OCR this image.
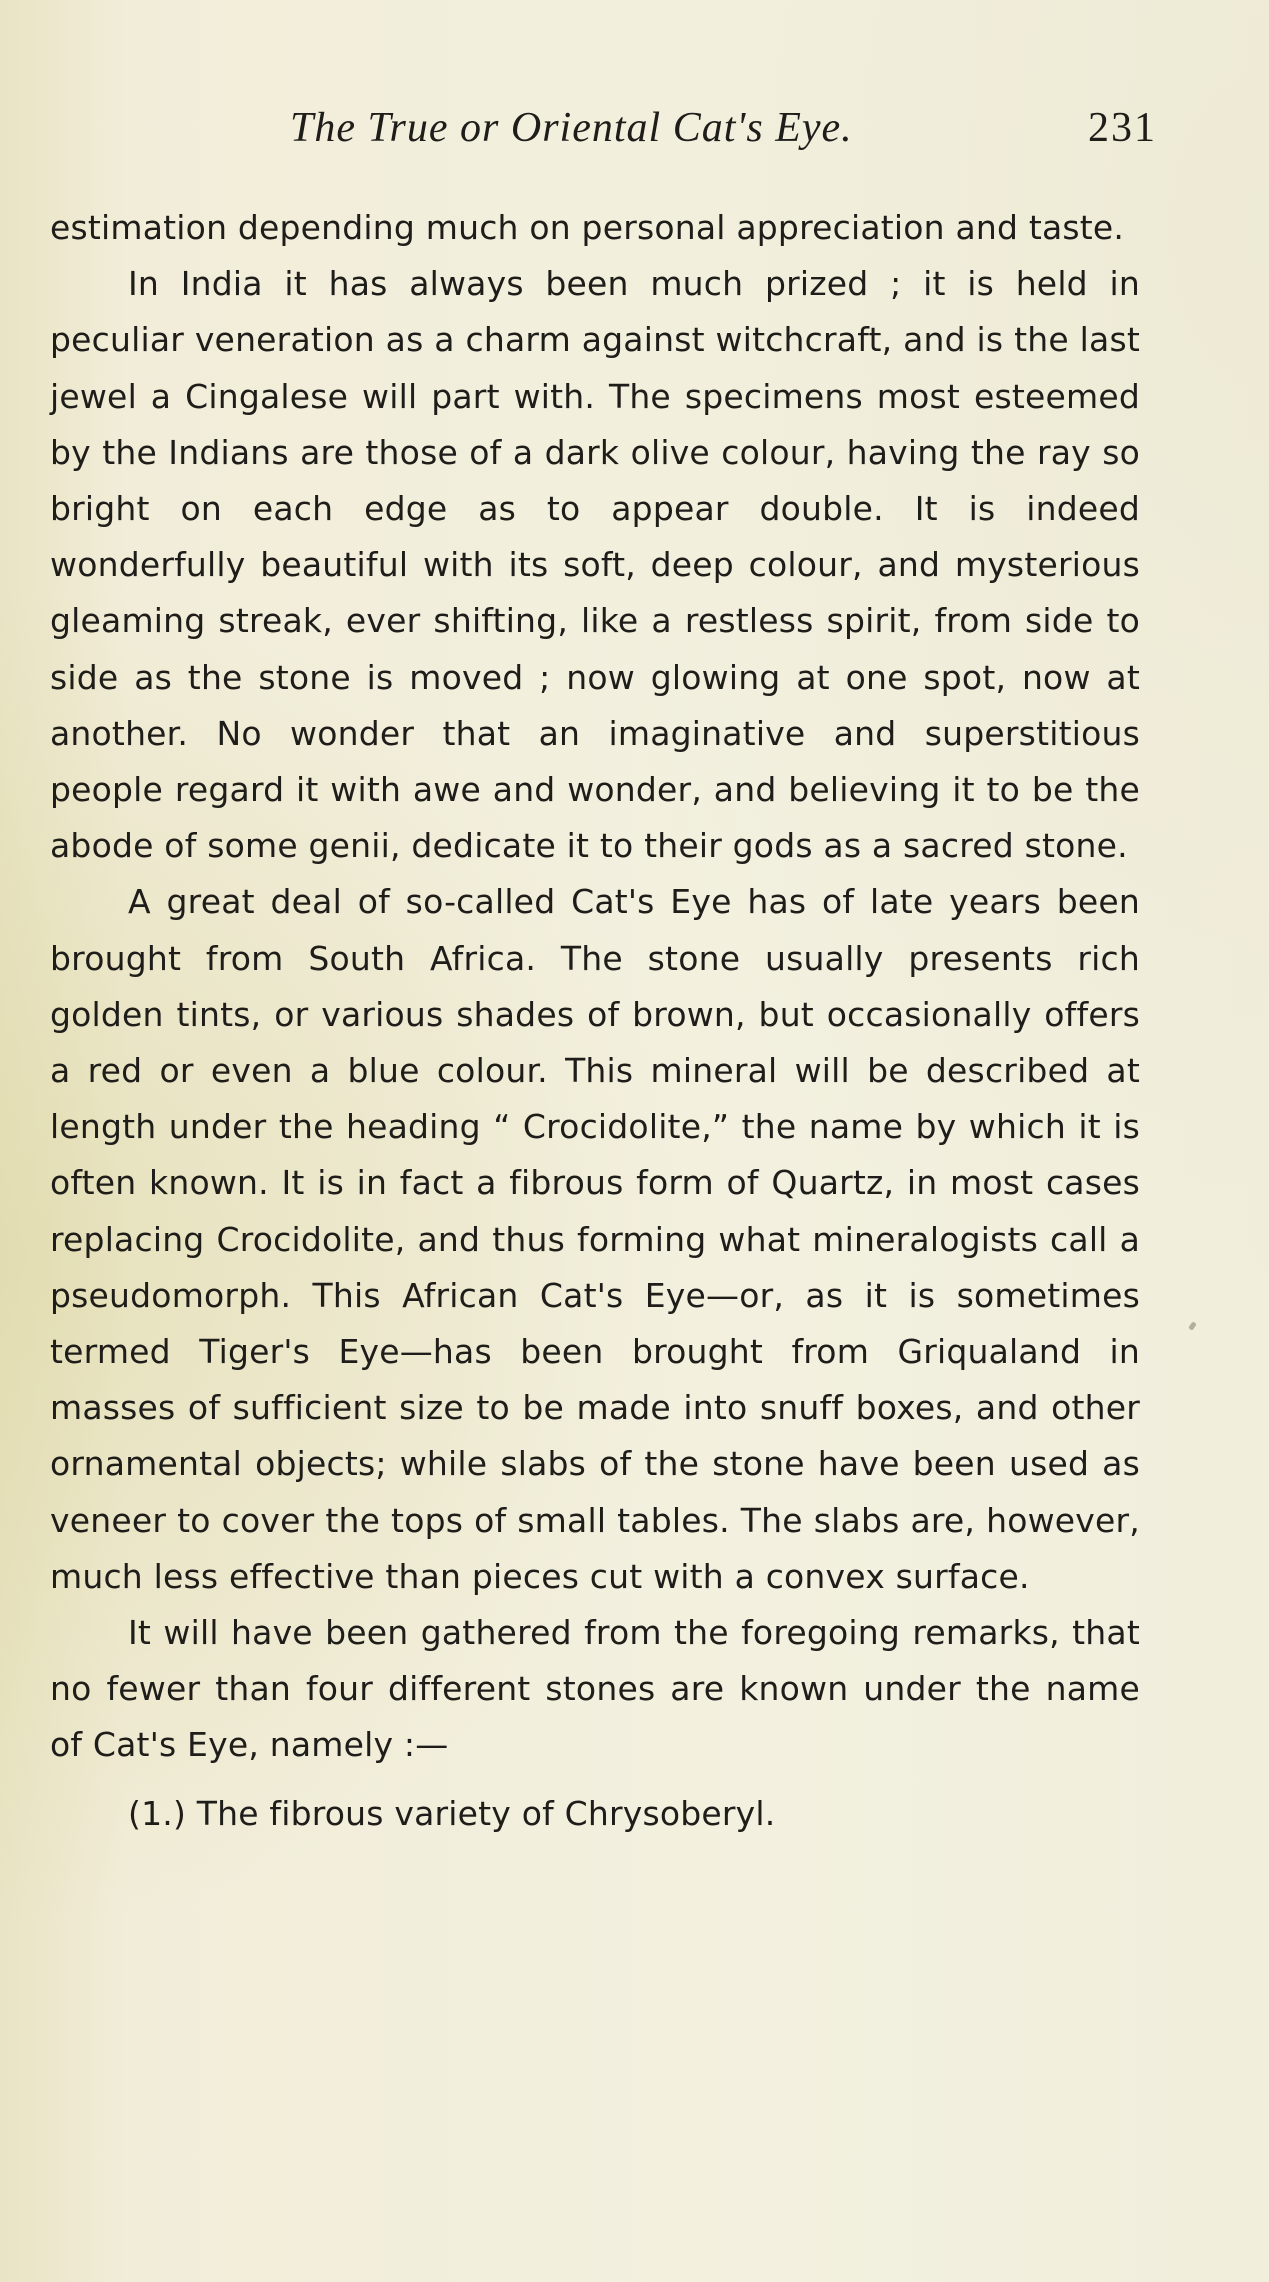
The True or Oriental Cat's Eye.	231

estimation depending much on personal appreciation and taste.

In India it has always been much prized ; it is held in peculiar veneration as a charm against witchcraft, and is the last jewel a Cingalese will part with. The specimens most esteemed by the Indians are those of a dark olive colour, having the ray so bright on each edge as to appear double. It is indeed wonderfully beautiful with its soft, deep colour, and mysterious gleaming streak, ever shifting, like a restless spirit, from side to side as the stone is moved ; now glowing at one spot, now at another. No wonder that an imaginative and superstitious people regard it with awe and wonder, and believing it to be the abode of some genii, dedicate it to their gods as a sacred stone.

A great deal of so-called Cat's Eye has of late years been brought from South Africa. The stone usually presents rich golden tints, or various shades of brown, but occasionally offers a red or even a blue colour. This mineral will be described at length under the heading “ Crocidolite,” the name by which it is often known. It is in fact a fibrous form of Quartz, in most cases replacing Crocidolite, and thus forming what mineralogists call a pseudomorph. This African Cat's Eye—or, as it is sometimes termed Tiger's Eye—has been brought from Griqualand in masses of sufficient size to be made into snuff boxes, and other ornamental objects; while slabs of the stone have been used as veneer to cover the tops of small tables. The slabs are, however, much less effective than pieces cut with a convex surface.

It will have been gathered from the foregoing remarks, that no fewer than four different stones are known under the name of Cat's Eye, namely :—

(1.) The fibrous variety of Chrysoberyl.
